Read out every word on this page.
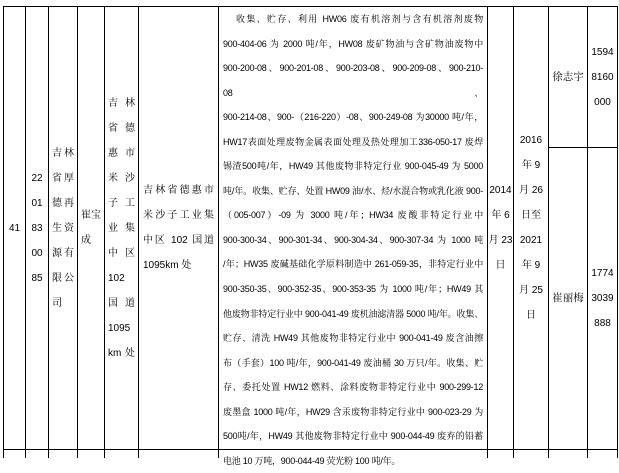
41
22
01
83
00
85
吉林
省厚
德再
生资
源有
限公
司
崔宝
成
吉林
省德
惠市
米沙
子工
业集
中区
102
国道
1095
km处
吉林省德惠市
米沙子工业集
中区 102 国道
1095km 处
收集、贮存、利用 HW06 废有机溶剂与含有机溶剂废物
900-404-06 为 2000 吨/年，HW08 废矿物油与含矿物油废物中
900-200-08、900-201-08、900-203-08、900-209-08、900-210-08、
900-214-08、900-（216-220）-08、900-249-08 为30000 吨/年，
HW17表面处理废物金属表面处理及热处理加工336-050-17 废焊
锡渣500吨/年，HW49 其他废物非特定行业 900-045-49 为 5000
吨/年。收集、贮存、处置 HW09 油/水、烃/水混合物或乳化液 900-
（005-007）-09 为 3000 吨/年；HW34 废酸非特定行业中
900-300-34、900-301-34、900-304-34、900-307-34 为 1000 吨
/年；HW35 废碱基础化学原料制造中 261-059-35，非特定行业中
900-350-35、900-352-35、900-353-35 为 1000 吨/年；HW49 其
他废物非特定行业中 900-041-49 废机油滤清器 5000 吨/年。收集、
贮存、清洗 HW49 其他废物非特定行业中 900-041-49 废含油擦
布（手套）100 吨/年，900-041-49 废油桶 30 万只/年。收集、贮
存、委托处置 HW12 燃料、涂料废物非特定行业中 900-299-12
废墨盒 1000 吨/年，HW29 含汞废物非特定行业中 900-023-29 为
500吨/年，HW49 其他废物非特定行业中 900-044-49 废弃的铅蓄
电池 10 万吨，900-044-49 荧光粉 100 吨/年。
2014
年 6
月 23
日
2016
年 9
月 26
日至
2021
年 9
月 25
日
徐志宇
1594
8160
000
崔丽梅
1774
3039
888
